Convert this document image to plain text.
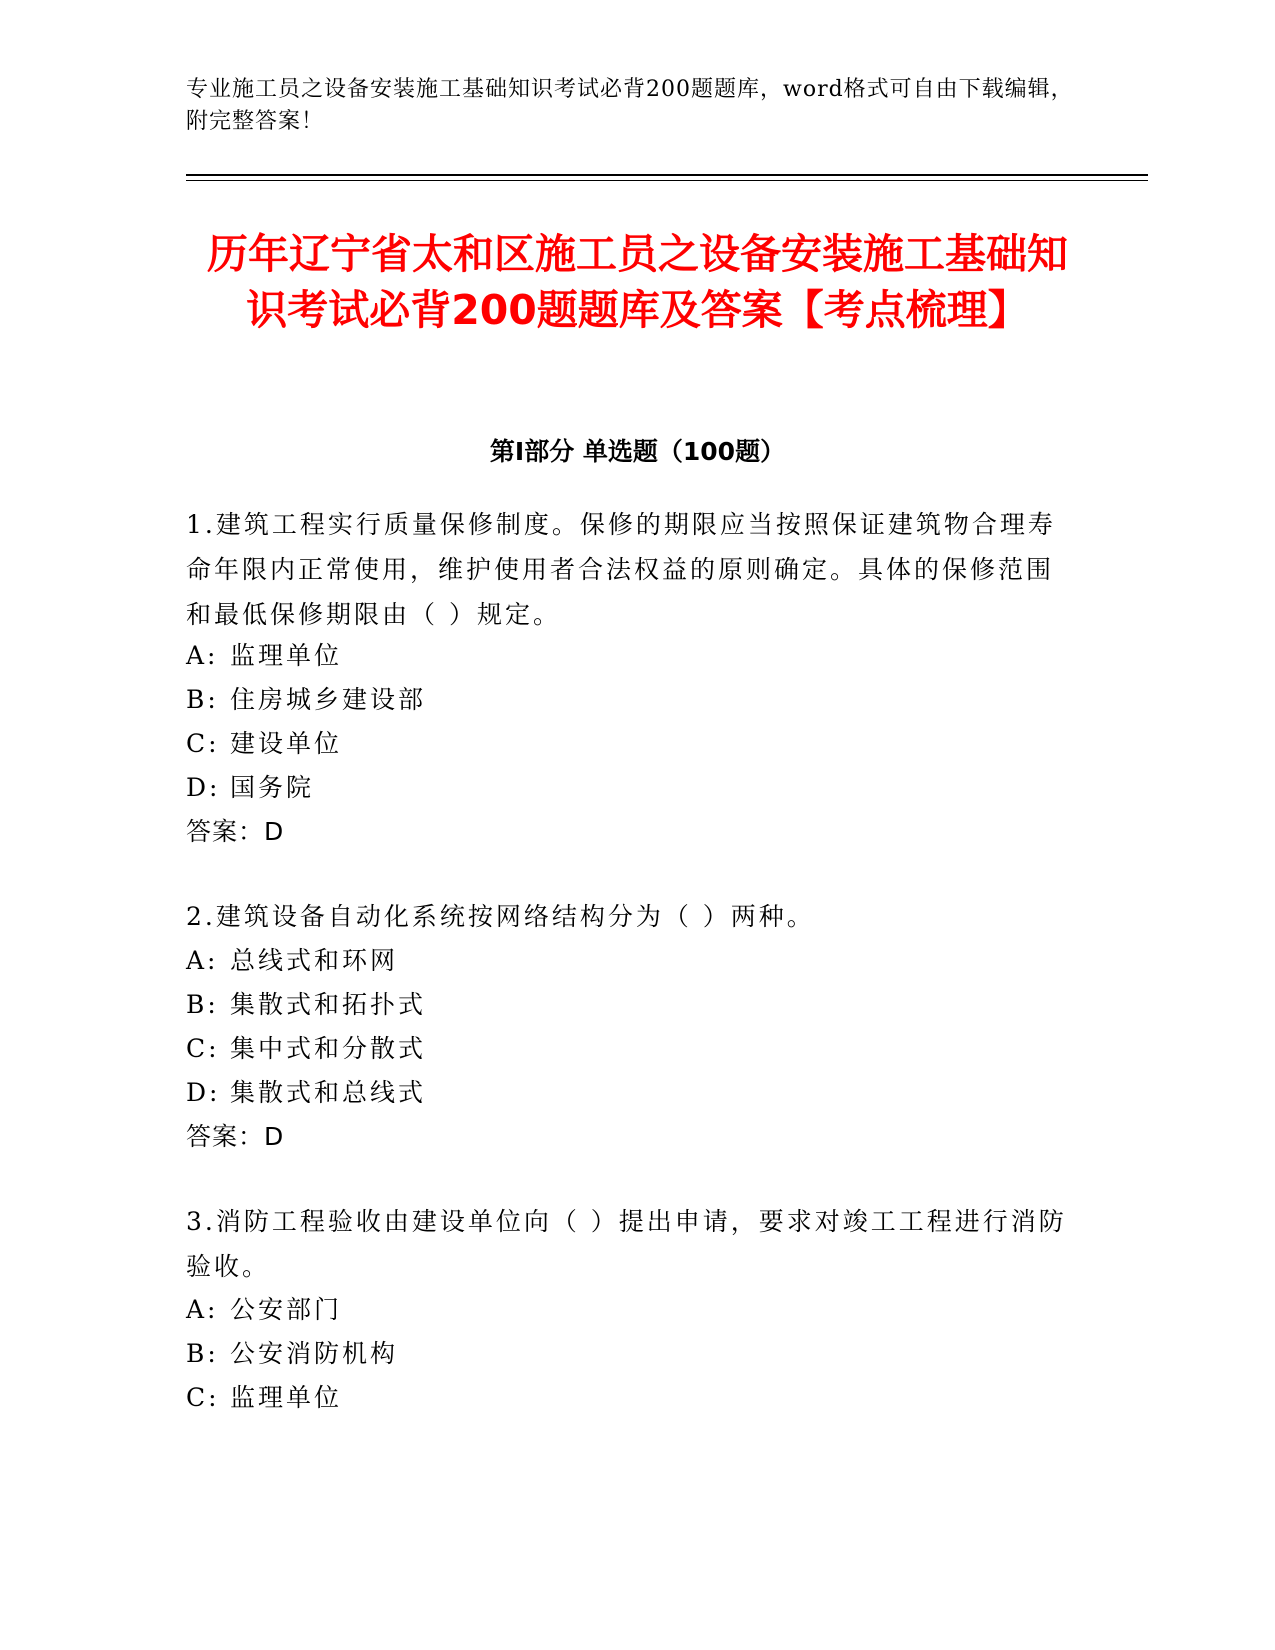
专业施工员之设备安装施工基础知识考试必背200题题库，word格式可自由下载编辑，附完整答案！
历年辽宁省太和区施工员之设备安装施工基础知识考试必背200题题库及答案【考点梳理】
第I部分 单选题（100题）

1.建筑工程实行质量保修制度。保修的期限应当按照保证建筑物合理寿命年限内正常使用，维护使用者合法权益的原则确定。具体的保修范围和最低保修期限由（ ）规定。

A: 监理单位
B: 住房城乡建设部
C: 建设单位
D: 国务院
答案：D

2.建筑设备自动化系统按网络结构分为（ ）两种。

A: 总线式和环网
B: 集散式和拓扑式
C: 集中式和分散式
D: 集散式和总线式
答案：D

3.消防工程验收由建设单位向（ ）提出申请，要求对竣工工程进行消防验收。

A: 公安部门
B: 公安消防机构
C: 监理单位
